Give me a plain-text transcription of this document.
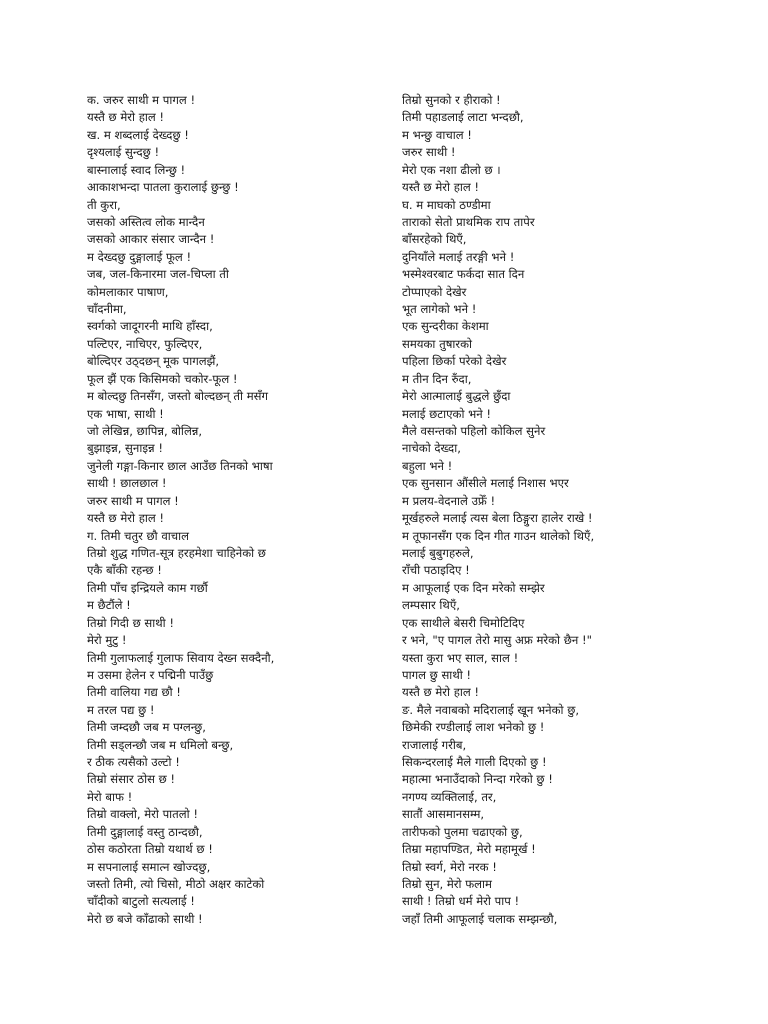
क. जरुर साथी म पागल !
यस्तै छ मेरो हाल !
ख. म शब्दलाई देख्दछु !
दृश्यलाई सुन्दछु !
बास्नालाई स्वाद लिन्छु !
आकाशभन्दा पातला कुरालाई छुन्छु !
ती कुरा,
जसको अस्तित्व लोक मान्दैन
जसको आकार संसार जान्दैन !
म देख्दछु दुङ्गालाई फूल !
जब, जल-किनारमा जल-चिप्ला ती
कोमलाकार पाषाण,
चाँदनीमा,
स्वर्गको जादूगरनी माथि हाँस्दा,
पल्टिएर, नाचिएर, फुल्दिएर,
बोल्दिएर उठ्दछन् मूक पागलझैं,
फूल झैं एक किसिमको चकोर-फूल !
म बोल्दछु तिनसँग, जस्तो बोल्दछन् ती मसँग
एक भाषा, साथी !
जो लेखिन्न, छापिन्न, बोलिन्न,
बुझाइन्न, सुनाइन्न !
जुनेली गङ्गा-किनार छाल आउँछ तिनको भाषा
साथी ! छालछाल !
जरुर साथी म पागल !
यस्तै छ मेरो हाल !
ग. तिमी चतुर छौ वाचाल
तिम्रो शुद्ध गणित-सूत्र हरहमेशा चाहिनेको छ
एकै बाँकी रहन्छ !
तिमी पाँच इन्द्रियले काम गर्छौ
म छैटौंले !
तिम्रो गिदी छ साथी !
मेरो मुटु !
तिमी गुलाफलाई गुलाफ सिवाय देख्न सक्दैनौ,
म उसमा हेलेन र पद्मिनी पाउँछु
तिमी वालिया गद्य छौ !
म तरल पद्य छु !
तिमी जम्दछौ जब म पग्लन्छु,
तिमी सड्लन्छौ जब म धमिलो बन्छु,
र ठीक त्यसैको उल्टो !
तिम्रो संसार ठोस छ !
मेरो बाफ !
तिम्रो वाक्लो, मेरो पातलो !
तिमी दुङ्गालाई वस्तु ठान्दछौ,
ठोस कठोरता तिम्रो यथार्थ छ !
म सपनालाई समात्न खोज्दछु,
जस्तो तिमी, त्यो चिसो, मीठो अक्षर काटेको
चाँदीको बाटुलो सत्यलाई !
मेरो छ बजे काँढाको साथी !
तिम्रो सुनको र हीराको !
तिमी पहाडलाई लाटा भन्दछौ,
म भन्छु वाचाल !
जरुर साथी !
मेरो एक नशा ढीलो छ ।
यस्तै छ मेरो हाल !
घ. म माघको ठण्डीमा
ताराको सेतो प्राथमिक राप तापेर
बाँसरहेको थिएँ,
दुनियाँले मलाई तरङ्गी भने !
भस्मेश्वरबाट फर्कदा सात दिन
टोप्पाएको देखेर
भूत लागेको भने !
एक सुन्दरीका केशमा
समयका तुषारको
पहिला छिर्का परेको देखेर
म तीन दिन रुँदा,
मेरो आत्मालाई बुद्धले छुँदा
मलाई छटाएको भने !
मैले वसन्तको पहिलो कोकिल सुनेर
नाचेको देख्दा,
बहुला भने !
एक सुनसान औंसीले मलाई निशास भएर
म प्रलय-वेदनाले उफ्रेँ !
मूर्खहरुले मलाई त्यस बेला ठिङ्गुरा हालेर राखे !
म तूफानसँग एक दिन गीत गाउन थालेको थिएँ,
मलाई बुबुगहरुले,
राँची पठाइदिए !
म आफूलाई एक दिन मरेको सम्झेर
लम्पसार थिएँ,
एक साथीले बेसरी चिमोटिदिए
र भने, "ए पागल तेरो मासु अफ्र मरेको छैन !"
यस्ता कुरा भए साल, साल !
पागल छु साथी !
यस्तै छ मेरो हाल !
ङ. मैले नवाबको मदिरालाई खून भनेको छु,
छिमेकी रण्डीलाई लाश भनेको छु !
राजालाई गरीब,
सिकन्दरलाई मैले गाली दिएको छु !
महात्मा भनाउँदाको निन्दा गरेको छु !
नगण्य व्यक्तिलाई, तर,
सातौं आसमानसम्म,
तारीफको पुलमा चढाएको छु,
तिम्रा महापण्डित, मेरो महामूर्ख !
तिम्रो स्वर्ग, मेरो नरक !
तिम्रो सुन, मेरो फलाम
साथी ! तिम्रो धर्म मेरो पाप !
जहाँ तिमी आफूलाई चलाक सम्झन्छौ,
